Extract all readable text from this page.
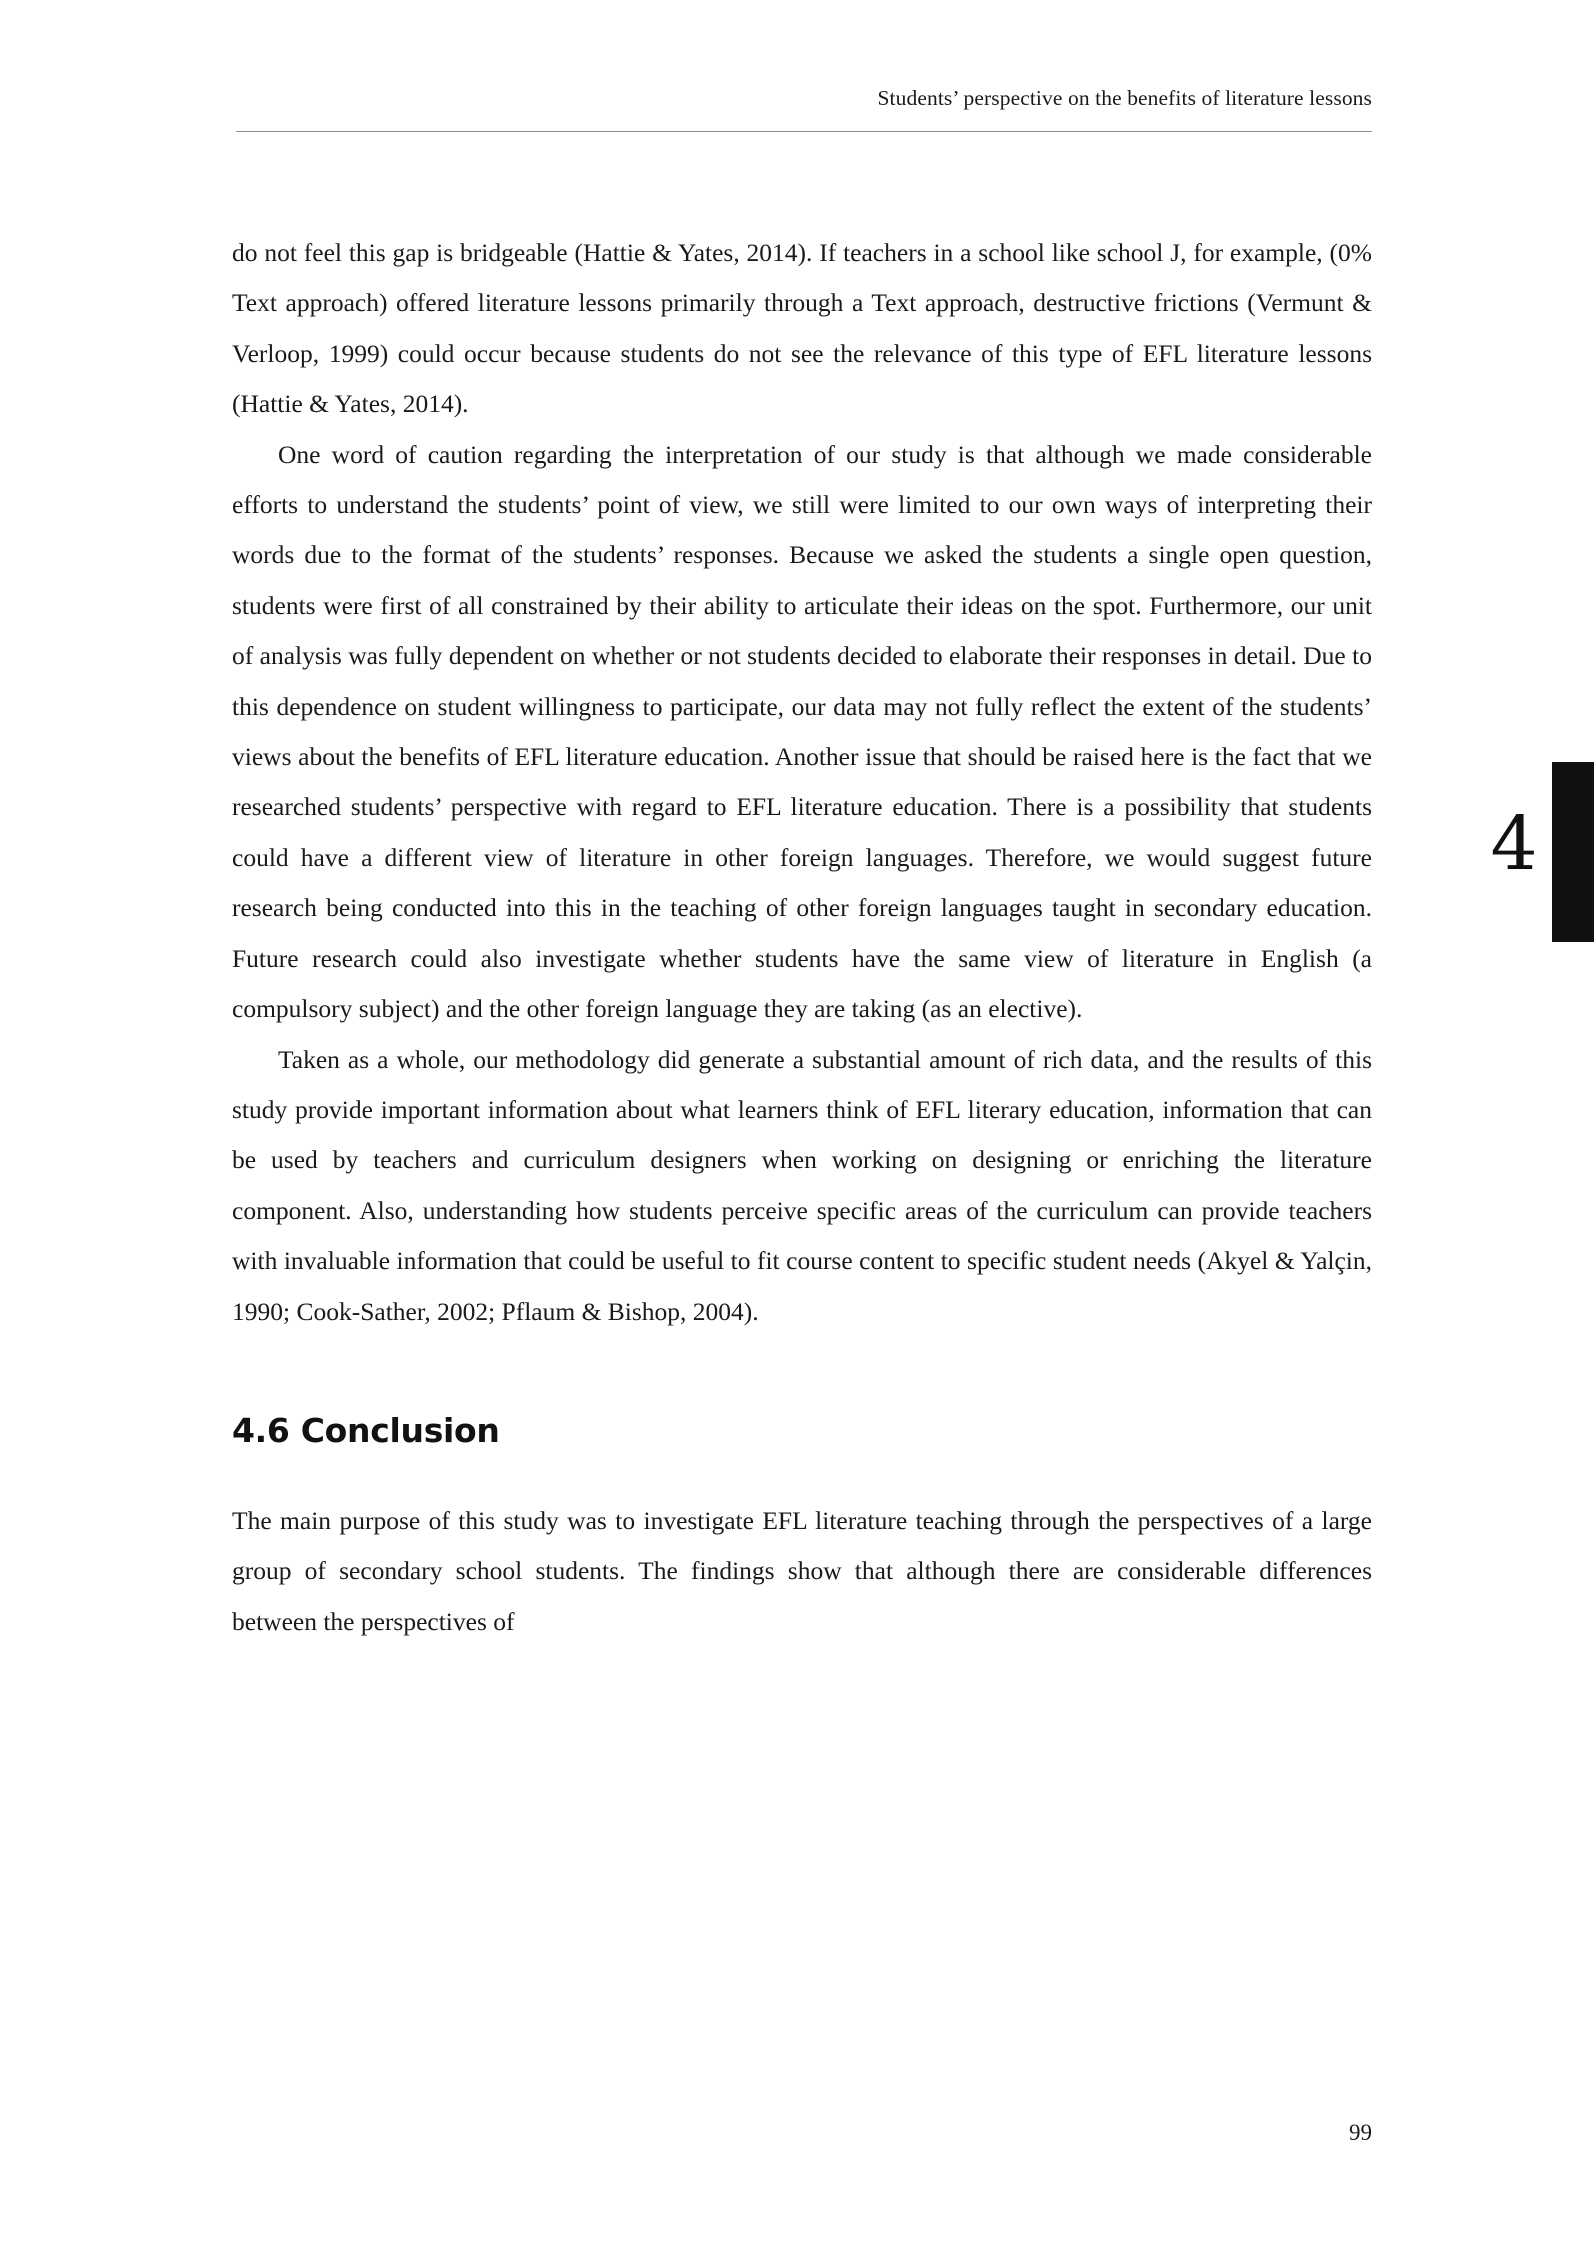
Students’ perspective on the benefits of literature lessons

do not feel this gap is bridgeable (Hattie & Yates, 2014). If teachers in a school like school J, for example, (0% Text approach) offered literature lessons primarily through a Text approach, destructive frictions (Vermunt & Verloop, 1999) could occur because students do not see the relevance of this type of EFL literature lessons (Hattie & Yates, 2014).

One word of caution regarding the interpretation of our study is that although we made considerable efforts to understand the students’ point of view, we still were limited to our own ways of interpreting their words due to the format of the students’ responses. Because we asked the students a single open question, students were first of all constrained by their ability to articulate their ideas on the spot. Furthermore, our unit of analysis was fully dependent on whether or not students decided to elaborate their responses in detail. Due to this dependence on student willingness to participate, our data may not fully reflect the extent of the students’ views about the benefits of EFL literature education. Another issue that should be raised here is the fact that we researched students’ perspective with regard to EFL literature education. There is a possibility that students could have a different view of literature in other foreign languages. Therefore, we would suggest future research being conducted into this in the teaching of other foreign languages taught in secondary education. Future research could also investigate whether students have the same view of literature in English (a compulsory subject) and the other foreign language they are taking (as an elective).

Taken as a whole, our methodology did generate a substantial amount of rich data, and the results of this study provide important information about what learners think of EFL literary education, information that can be used by teachers and curriculum designers when working on designing or enriching the literature component. Also, understanding how students perceive specific areas of the curriculum can provide teachers with invaluable information that could be useful to fit course content to specific student needs (Akyel & Yalçin, 1990; Cook-Sather, 2002; Pflaum & Bishop, 2004).

4.6 Conclusion

The main purpose of this study was to investigate EFL literature teaching through the perspectives of a large group of secondary school students. The findings show that although there are considerable differences between the perspectives of

4
99
